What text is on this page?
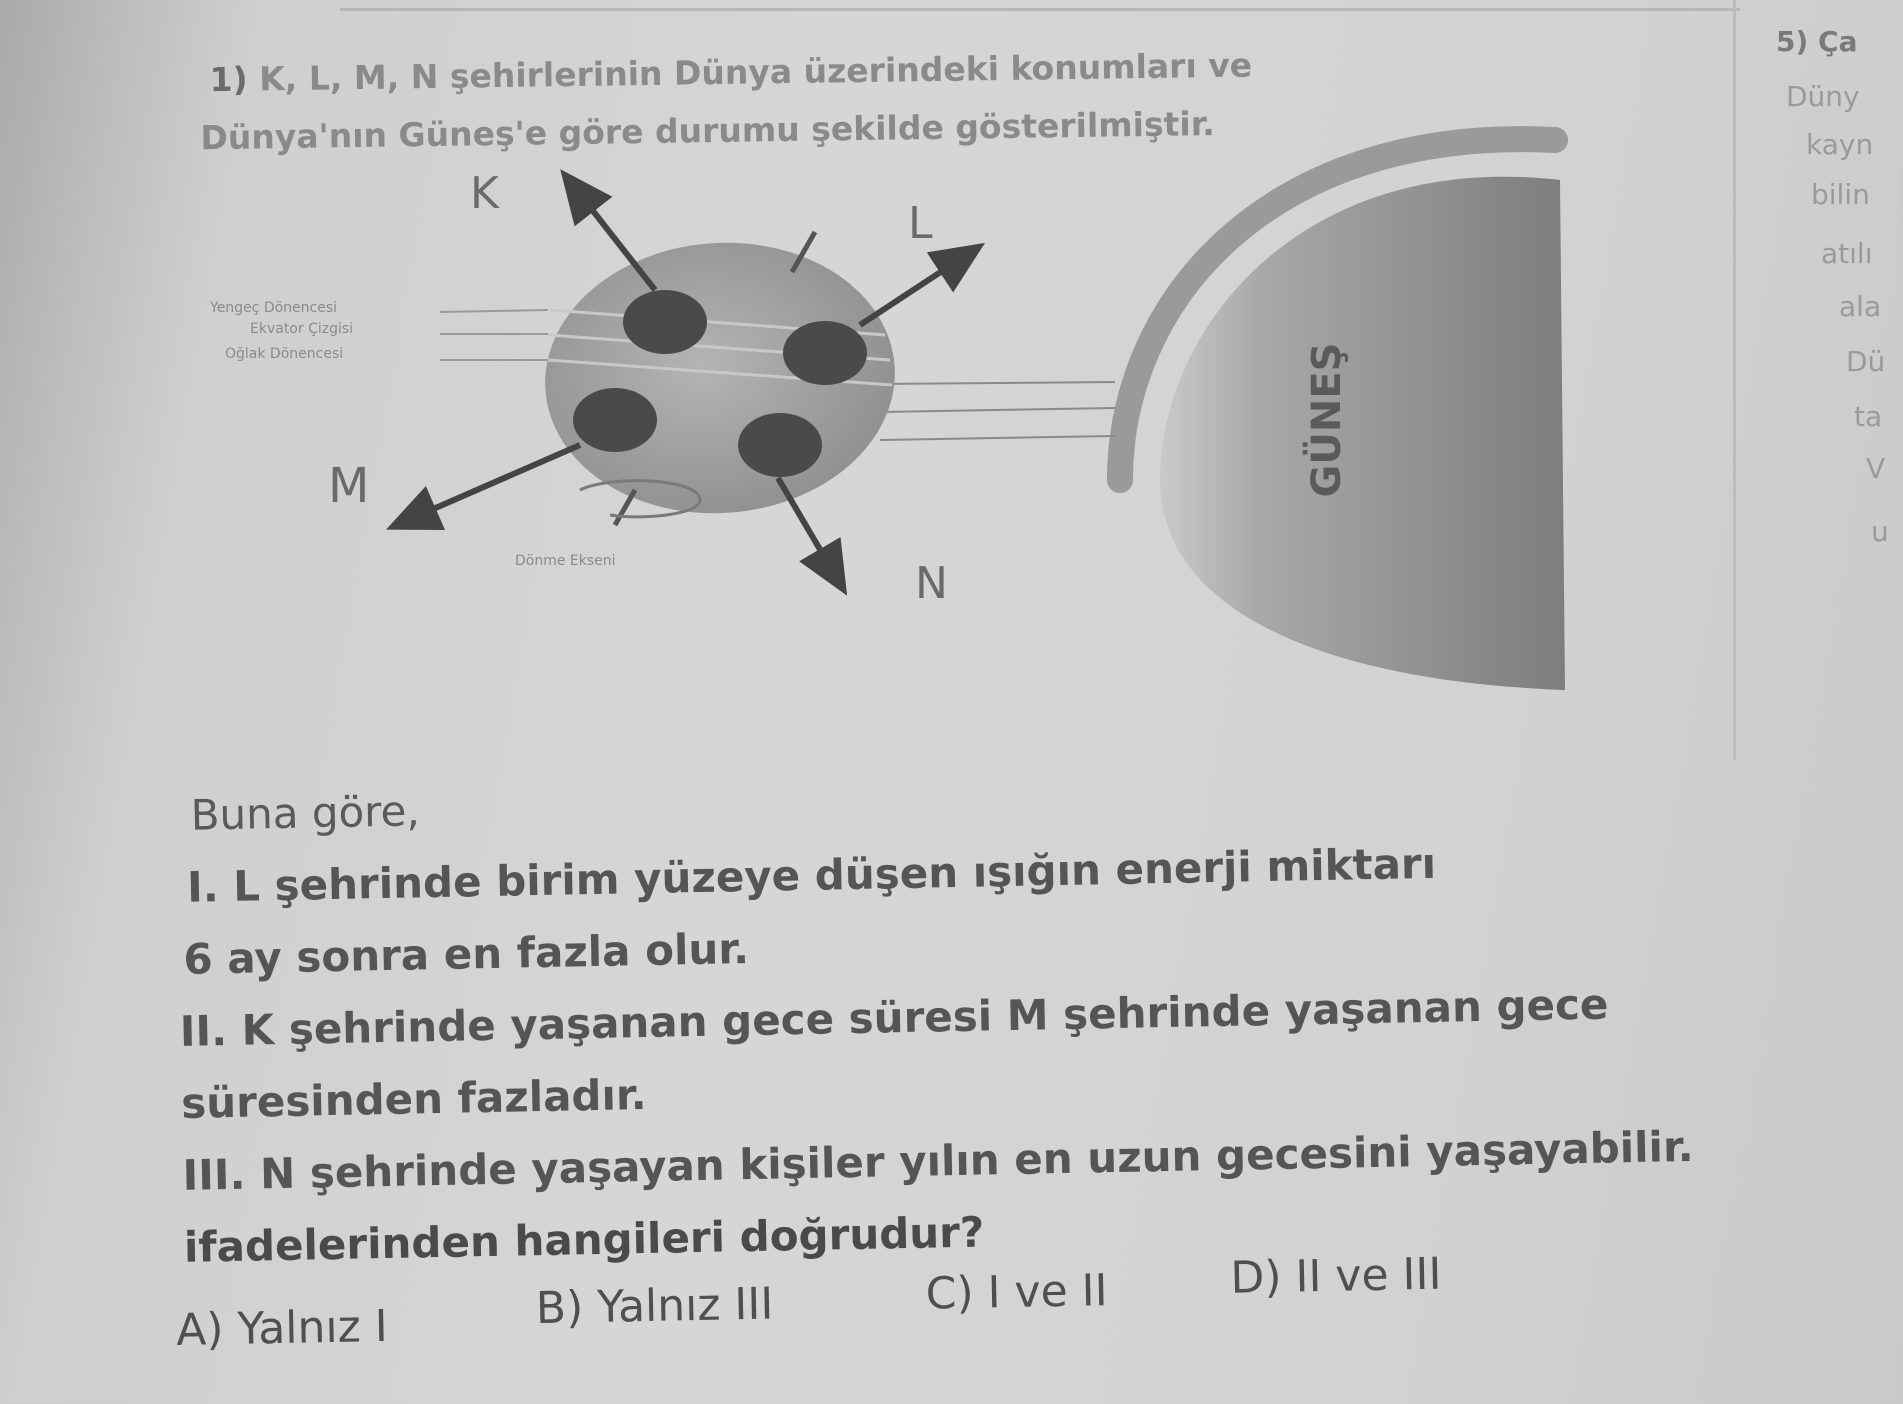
1) K, L, M, N şehirlerinin Dünya üzerindeki konumları ve
Dünya'nın Güneş'e göre durumu şekilde gösterilmiştir.
GÜNEŞ
K
L
M
N
Yengeç Dönencesi
Ekvator Çizgisi
Oğlak Dönencesi
Dönme Ekseni
5) Ça
Düny
kayn
bilin
atılı
ala
Dü
ta
V
u
Buna göre,
I. L şehrinde birim yüzeye düşen ışığın enerji miktarı
6 ay sonra en fazla olur.
II. K şehrinde yaşanan gece süresi M şehrinde yaşanan gece
süresinden fazladır.
III. N şehrinde yaşayan kişiler yılın en uzun gecesini yaşayabilir.
ifadelerinden hangileri doğrudur?
A) Yalnız I	B) Yalnız III	C) I ve II	D) II ve III
